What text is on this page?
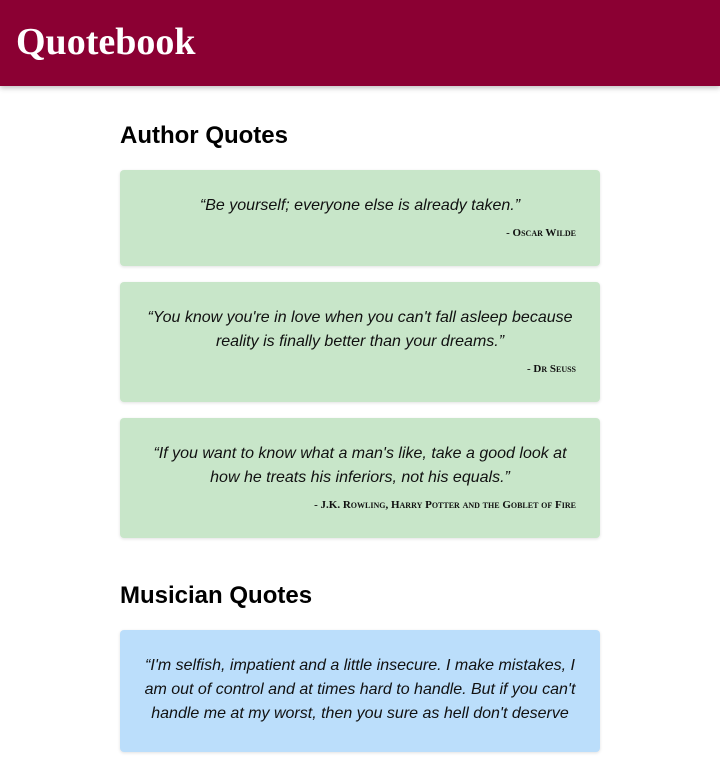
Quotebook
Author Quotes

“Be yourself; everyone else is already taken.”

- Oscar Wilde

“You know you're in love when you can't fall asleep because reality is finally better than your dreams.”

- Dr Seuss

“If you want to know what a man's like, take a good look at how he treats his inferiors, not his equals.”

- J.K. Rowling, Harry Potter and the Goblet of Fire

Musician Quotes

“I'm selfish, impatient and a little insecure. I make mistakes, I am out of control and at times hard to handle. But if you can't handle me at my worst, then you sure as hell don't deserve
